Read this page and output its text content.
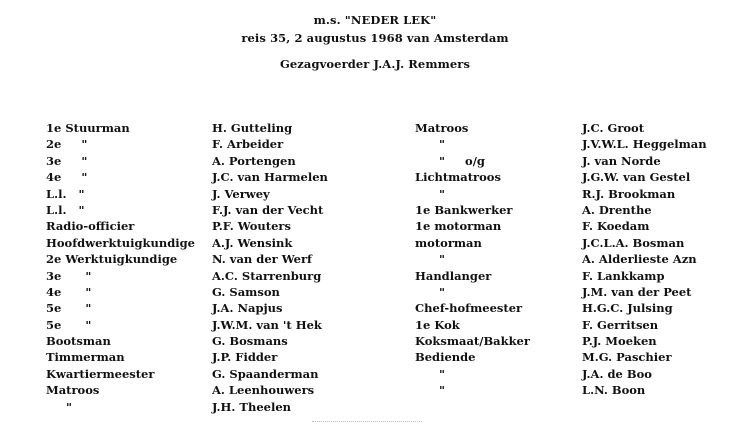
m.s. "NEDER LEK"
reis 35, 2 augustus 1968 van Amsterdam
Gezagvoerder J.A.J. Remmers
1e Stuurman
2e     "
3e     "
4e     "
L.l.   "
L.l.   "
Radio-officier
Hoofdwerktuigkundige
2e Werktuigkundige
3e      "
4e      "
5e      "
5e      "
Bootsman
Timmerman
Kwartiermeester
Matroos
"
H. Gutteling
F. Arbeider
A. Portengen
J.C. van Harmelen
J. Verwey
F.J. van der Vecht
P.F. Wouters
A.J. Wensink
N. van der Werf
A.C. Starrenburg
G. Samson
J.A. Napjus
J.W.M. van 't Hek
G. Bosmans
J.P. Fidder
G. Spaanderman
A. Leenhouwers
J.H. Theelen
Matroos
"
"     o/g
Lichtmatroos
"
1e Bankwerker
1e motorman
motorman
"
Handlanger
"
Chef-hofmeester
1e Kok
Koksmaat/Bakker
Bediende
"
"
J.C. Groot
J.V.W.L. Heggelman
J. van Norde
J.G.W. van Gestel
R.J. Brookman
A. Drenthe
F. Koedam
J.C.L.A. Bosman
A. Alderlieste Azn
F. Lankkamp
J.M. van der Peet
H.G.C. Julsing
F. Gerritsen
P.J. Moeken
M.G. Paschier
J.A. de Boo
L.N. Boon
